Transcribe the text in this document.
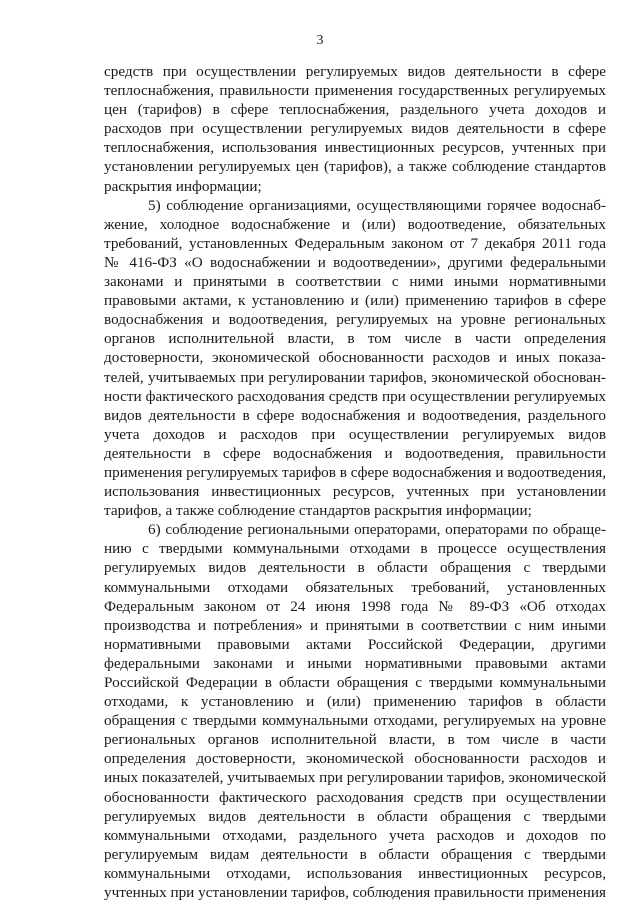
3
средств при осуществлении регулируемых видов деятельности в сфере
теплоснабжения, правильности применения государственных регулируемых
цен (тарифов) в сфере теплоснабжения, раздельного учета доходов и
расходов при осуществлении регулируемых видов деятельности в сфере
теплоснабжения, использования инвестиционных ресурсов, учтенных при
установлении регулируемых цен (тарифов), а также соблюдение стандартов
раскрытия информации;
5) соблюдение организациями, осуществляющими горячее водоснаб-
жение, холодное водоснабжение и (или) водоотведение, обязательных
требований, установленных Федеральным законом от 7 декабря 2011 года
№ 416-ФЗ «О водоснабжении и водоотведении», другими федеральными
законами и принятыми в соответствии с ними иными нормативными
правовыми актами, к установлению и (или) применению тарифов в сфере
водоснабжения и водоотведения, регулируемых на уровне региональных
органов исполнительной власти, в том числе в части определения
достоверности, экономической обоснованности расходов и иных показа-
телей, учитываемых при регулировании тарифов, экономической обоснован-
ности фактического расходования средств при осуществлении регулируемых
видов деятельности в сфере водоснабжения и водоотведения, раздельного
учета доходов и расходов при осуществлении регулируемых видов
деятельности в сфере водоснабжения и водоотведения, правильности
применения регулируемых тарифов в сфере водоснабжения и водоотведения,
использования инвестиционных ресурсов, учтенных при установлении
тарифов, а также соблюдение стандартов раскрытия информации;
6) соблюдение региональными операторами, операторами по обраще-
нию с твердыми коммунальными отходами в процессе осуществления
регулируемых видов деятельности в области обращения с твердыми
коммунальными отходами обязательных требований, установленных
Федеральным законом от 24 июня 1998 года № 89-ФЗ «Об отходах
производства и потребления» и принятыми в соответствии с ним иными
нормативными правовыми актами Российской Федерации, другими
федеральными законами и иными нормативными правовыми актами
Российской Федерации в области обращения с твердыми коммунальными
отходами, к установлению и (или) применению тарифов в области
обращения с твердыми коммунальными отходами, регулируемых на уровне
региональных органов исполнительной власти, в том числе в части
определения достоверности, экономической обоснованности расходов и
иных показателей, учитываемых при регулировании тарифов, экономической
обоснованности фактического расходования средств при осуществлении
регулируемых видов деятельности в области обращения с твердыми
коммунальными отходами, раздельного учета расходов и доходов по
регулируемым видам деятельности в области обращения с твердыми
коммунальными отходами, использования инвестиционных ресурсов,
учтенных при установлении тарифов, соблюдения правильности применения
